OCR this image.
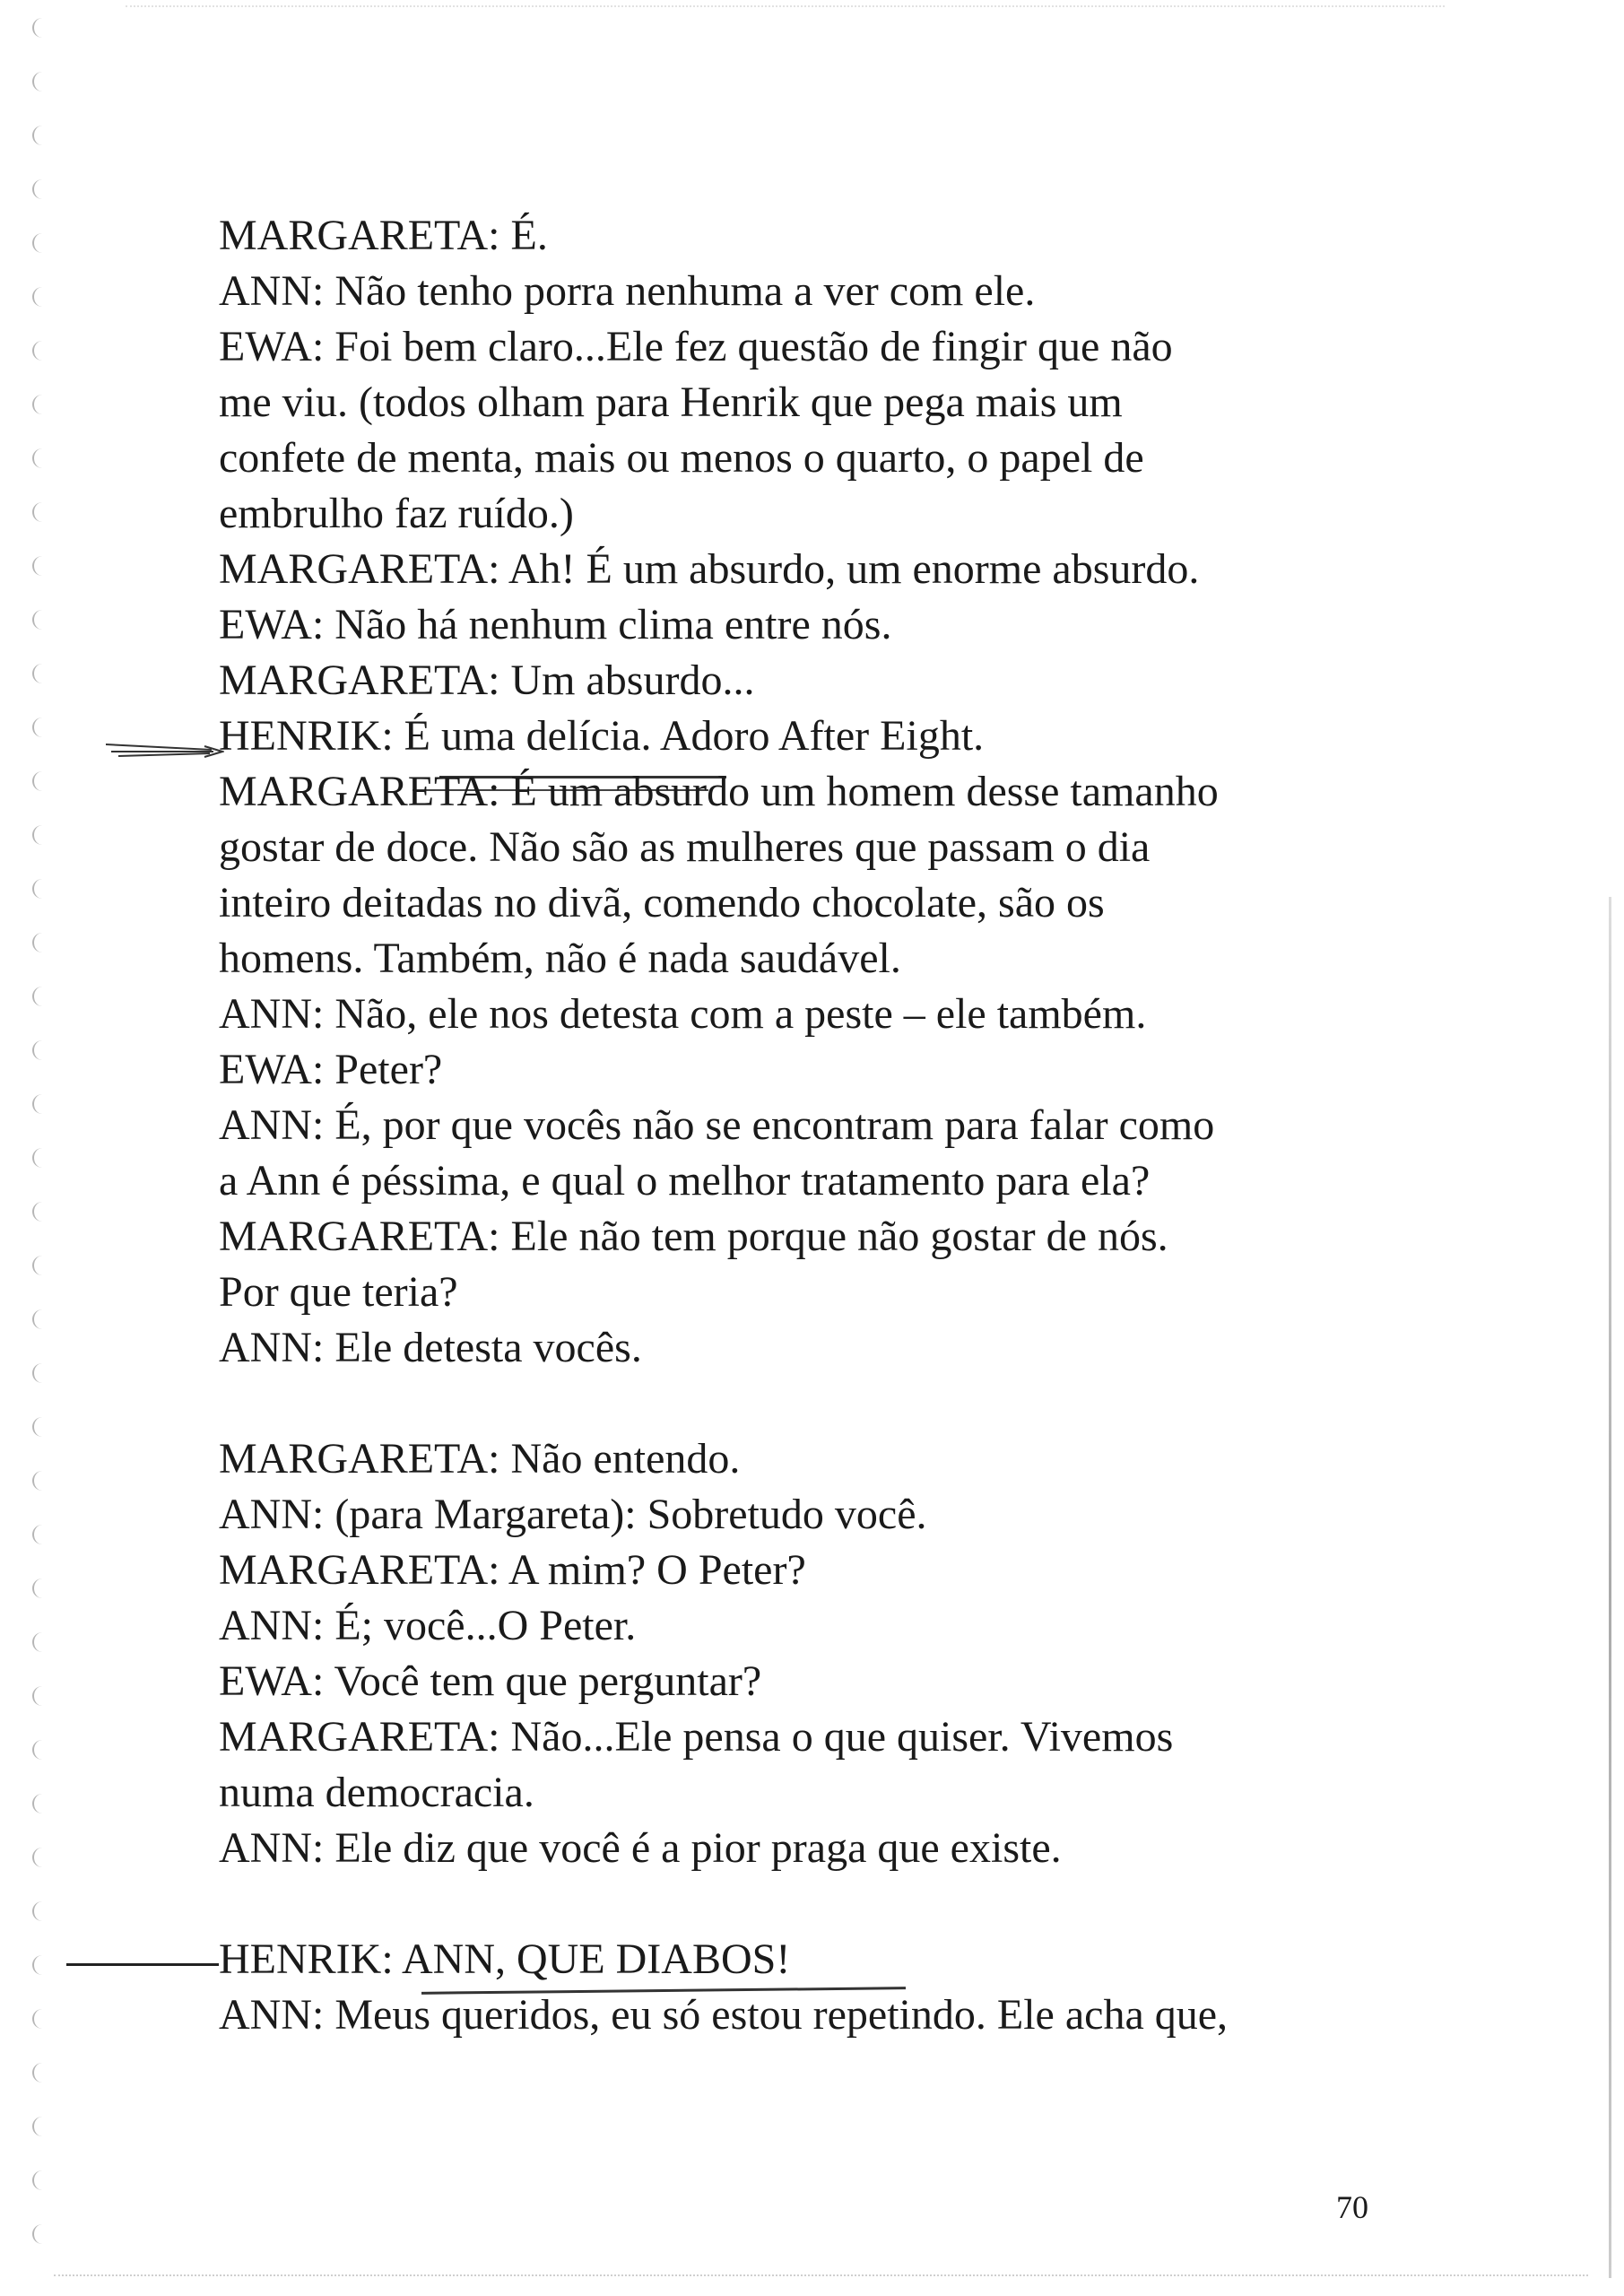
MARGARETA: É.
ANN: Não tenho porra nenhuma a ver com ele.
EWA: Foi bem claro...Ele fez questão de fingir que não
me viu. (todos olham para Henrik que pega mais um
confete de menta, mais ou menos o quarto, o papel de
embrulho faz ruído.)
MARGARETA: Ah! É um absurdo, um enorme absurdo.
EWA: Não há nenhum clima entre nós.
MARGARETA: Um absurdo...
HENRIK: É uma delícia. Adoro After Eight.
MARGARETA: É um absurdo um homem desse tamanho
gostar de doce. Não são as mulheres que passam o dia
inteiro deitadas no divã, comendo chocolate, são os
homens. Também, não é nada saudável.
ANN: Não, ele nos detesta com a peste – ele também.
EWA: Peter?
ANN: É, por que vocês não se encontram para falar como
a Ann é péssima, e qual o melhor tratamento para ela?
MARGARETA: Ele não tem porque não gostar de nós.
Por que teria?
ANN: Ele detesta vocês.
MARGARETA: Não entendo.
ANN: (para Margareta): Sobretudo você.
MARGARETA: A mim? O Peter?
ANN: É; você...O Peter.
EWA: Você tem que perguntar?
MARGARETA: Não...Ele pensa o que quiser. Vivemos
numa democracia.
ANN: Ele diz que você é a pior praga que existe.
HENRIK: ANN, QUE DIABOS!
ANN: Meus queridos, eu só estou repetindo. Ele acha que,
70
